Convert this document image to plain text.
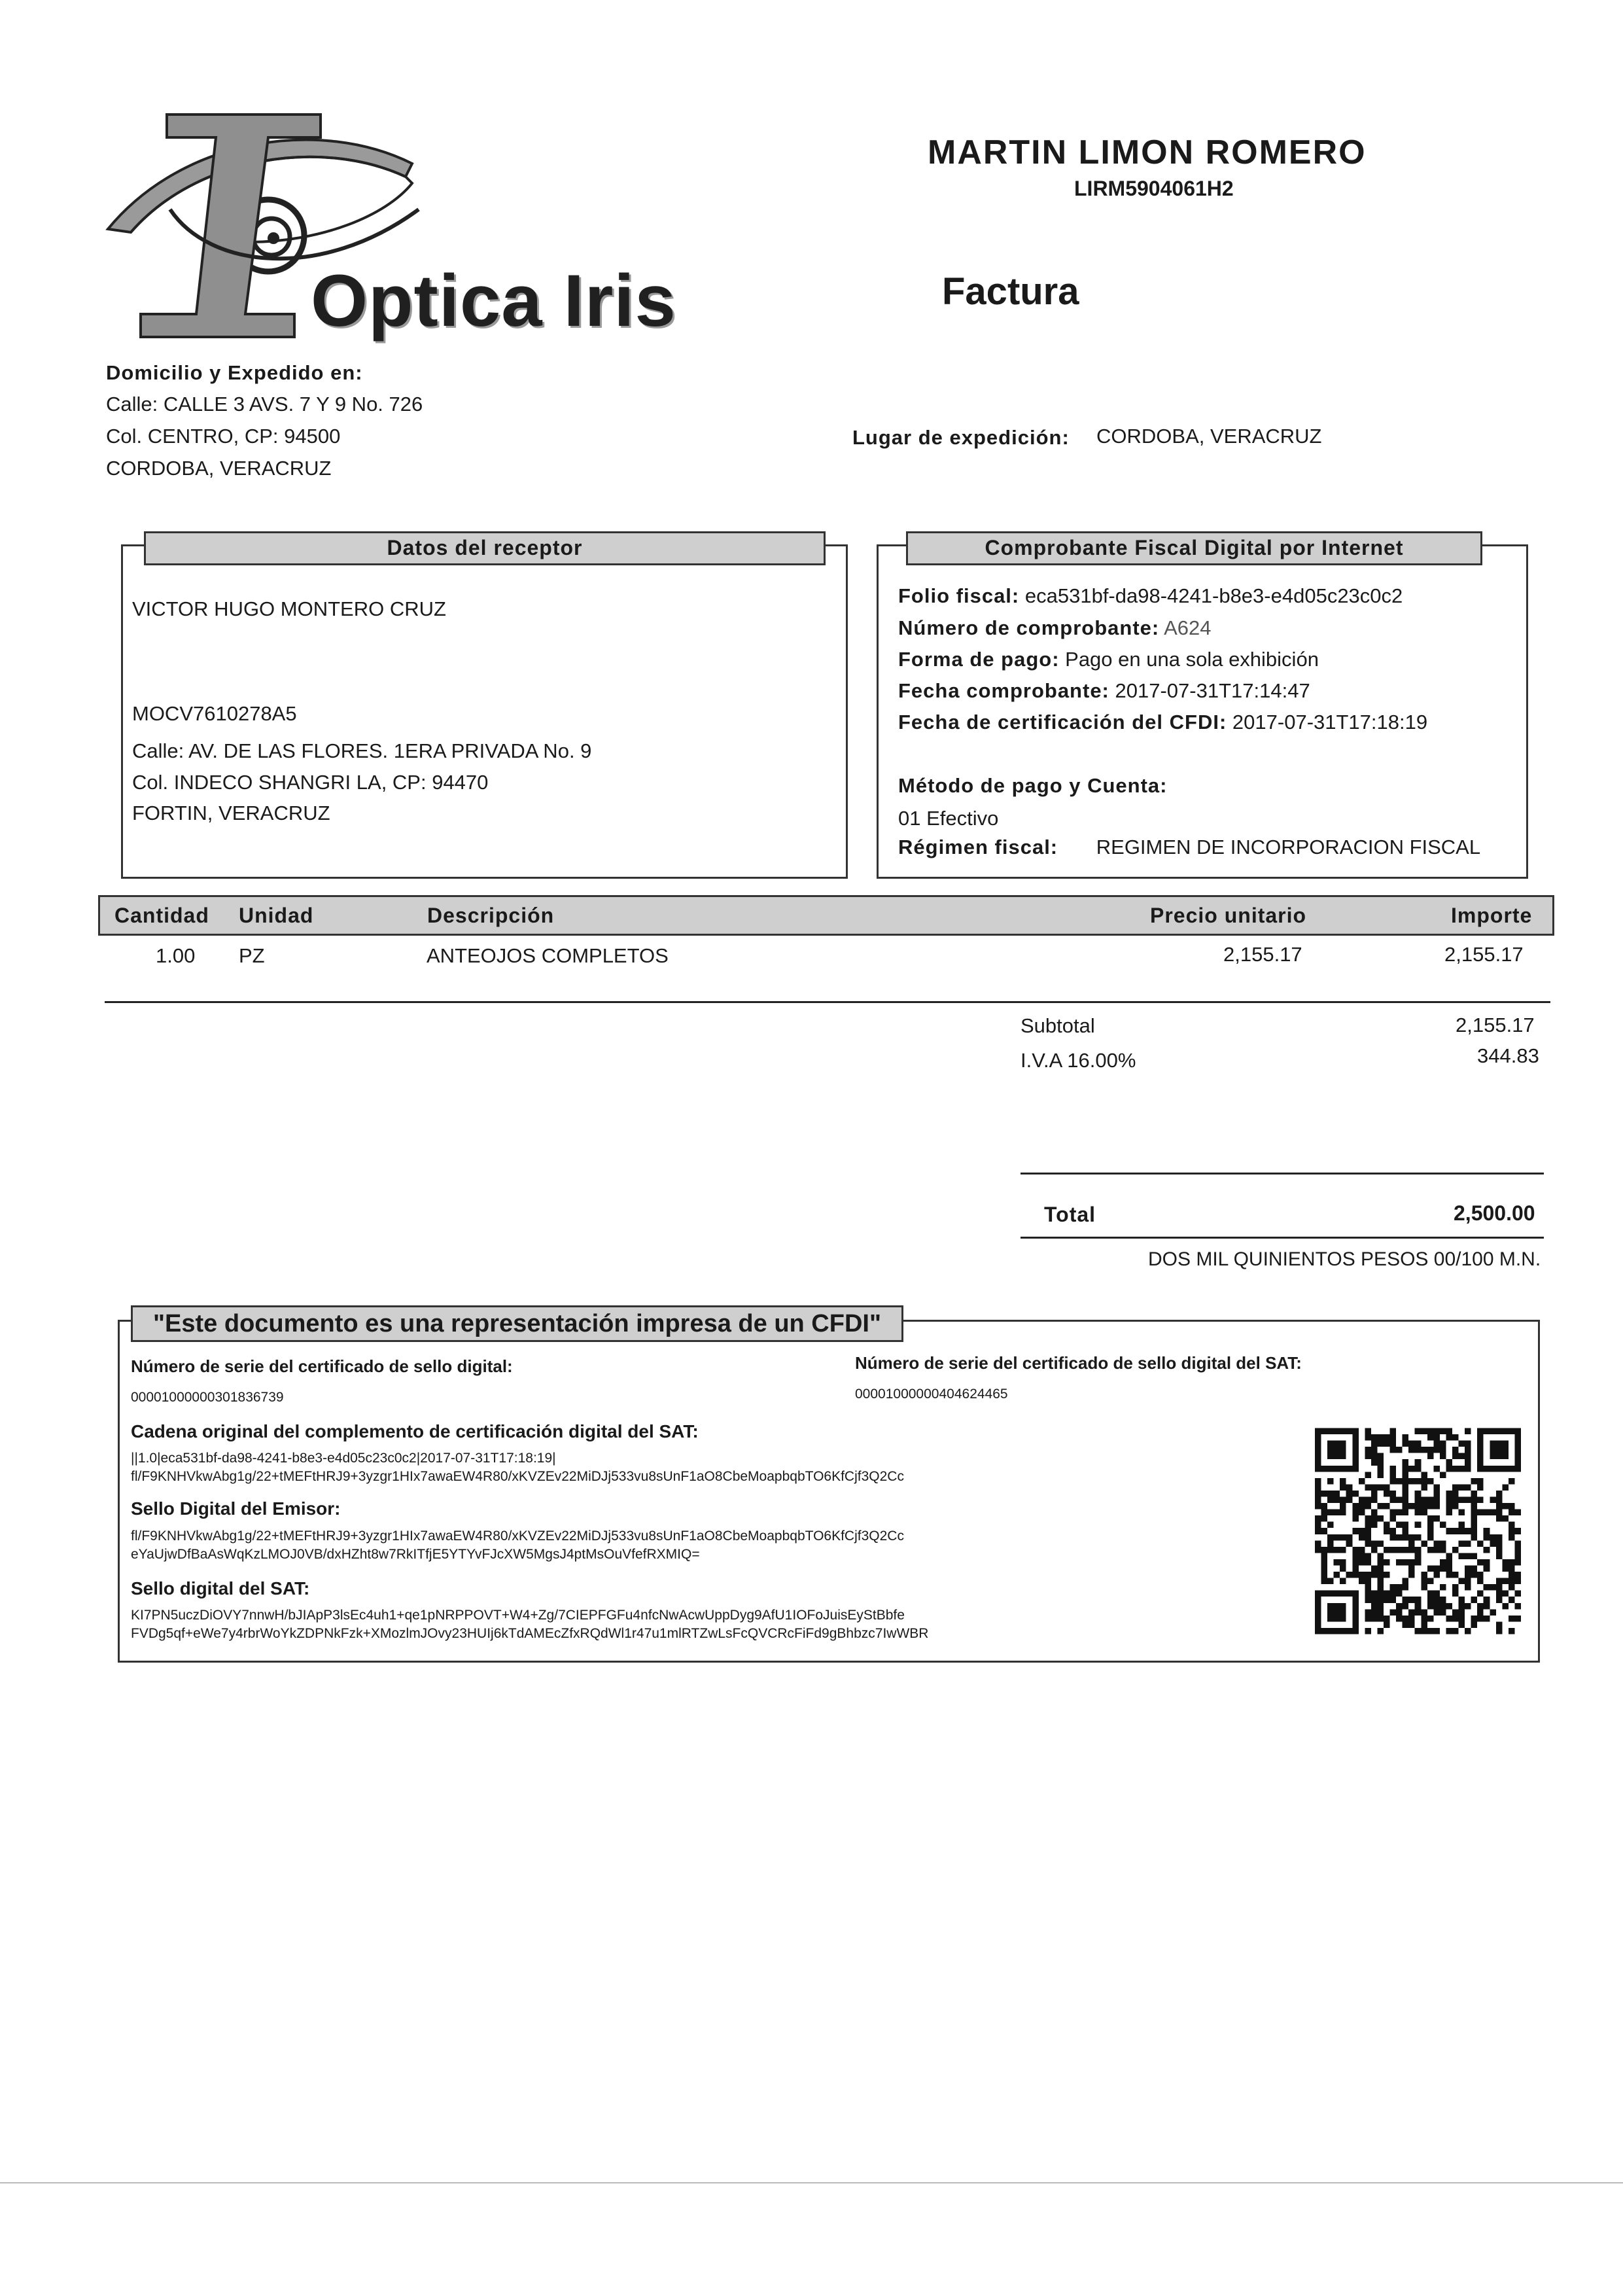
Optica Iris
MARTIN LIMON ROMERO
LIRM5904061H2
Factura
Domicilio y Expedido en:
Calle: CALLE 3 AVS. 7 Y 9 No. 726
Col. CENTRO, CP: 94500
CORDOBA, VERACRUZ
Lugar de expedición: CORDOBA, VERACRUZ
Datos del receptor
VICTOR HUGO MONTERO CRUZ
MOCV7610278A5
Calle: AV. DE LAS FLORES. 1ERA PRIVADA No. 9
Col. INDECO SHANGRI LA, CP: 94470
FORTIN, VERACRUZ
Comprobante Fiscal Digital por Internet
Folio fiscal: eca531bf-da98-4241-b8e3-e4d05c23c0c2
Número de comprobante: A624
Forma de pago: Pago en una sola exhibición
Fecha comprobante: 2017-07-31T17:14:47
Fecha de certificación del CFDI: 2017-07-31T17:18:19
Método de pago y Cuenta:
01 Efectivo
Régimen fiscal: REGIMEN DE INCORPORACION FISCAL
Cantidad Unidad	Descripción	Precio unitario	Importe
1.00 PZ	ANTEOJOS COMPLETOS	2,155.17	2,155.17
Subtotal	2,155.17
I.V.A 16.00%	344.83
Total	2,500.00
DOS MIL QUINIENTOS PESOS 00/100 M.N.
"Este documento es una representación impresa de un CFDI"
Número de serie del certificado de sello digital:
00001000000301836739
Número de serie del certificado de sello digital del SAT:
00001000000404624465
Cadena original del complemento de certificación digital del SAT:
||1.0|eca531bf-da98-4241-b8e3-e4d05c23c0c2|2017-07-31T17:18:19|
fl/F9KNHVkwAbg1g/22+tMEFtHRJ9+3yzgr1HIx7awaEW4R80/xKVZEv22MiDJj533vu8sUnF1aO8CbeMoapbqbTO6KfCjf3Q2Cc
Sello Digital del Emisor:
fl/F9KNHVkwAbg1g/22+tMEFtHRJ9+3yzgr1HIx7awaEW4R80/xKVZEv22MiDJj533vu8sUnF1aO8CbeMoapbqbTO6KfCjf3Q2Cc
eYaUjwDfBaAsWqKzLMOJ0VB/dxHZht8w7RkITfjE5YTYvFJcXW5MgsJ4ptMsOuVfefRXMIQ=
Sello digital del SAT:
KI7PN5uczDiOVY7nnwH/bJIApP3lsEc4uh1+qe1pNRPPOVT+W4+Zg/7CIEPFGFu4nfcNwAcwUppDyg9AfU1IOFoJuisEyStBbfe
FVDg5qf+eWe7y4rbrWoYkZDPNkFzk+XMozlmJOvy23HUIj6kTdAMEcZfxRQdWl1r47u1mlRTZwLsFcQVCRcFiFd9gBhbzc7IwWBR
